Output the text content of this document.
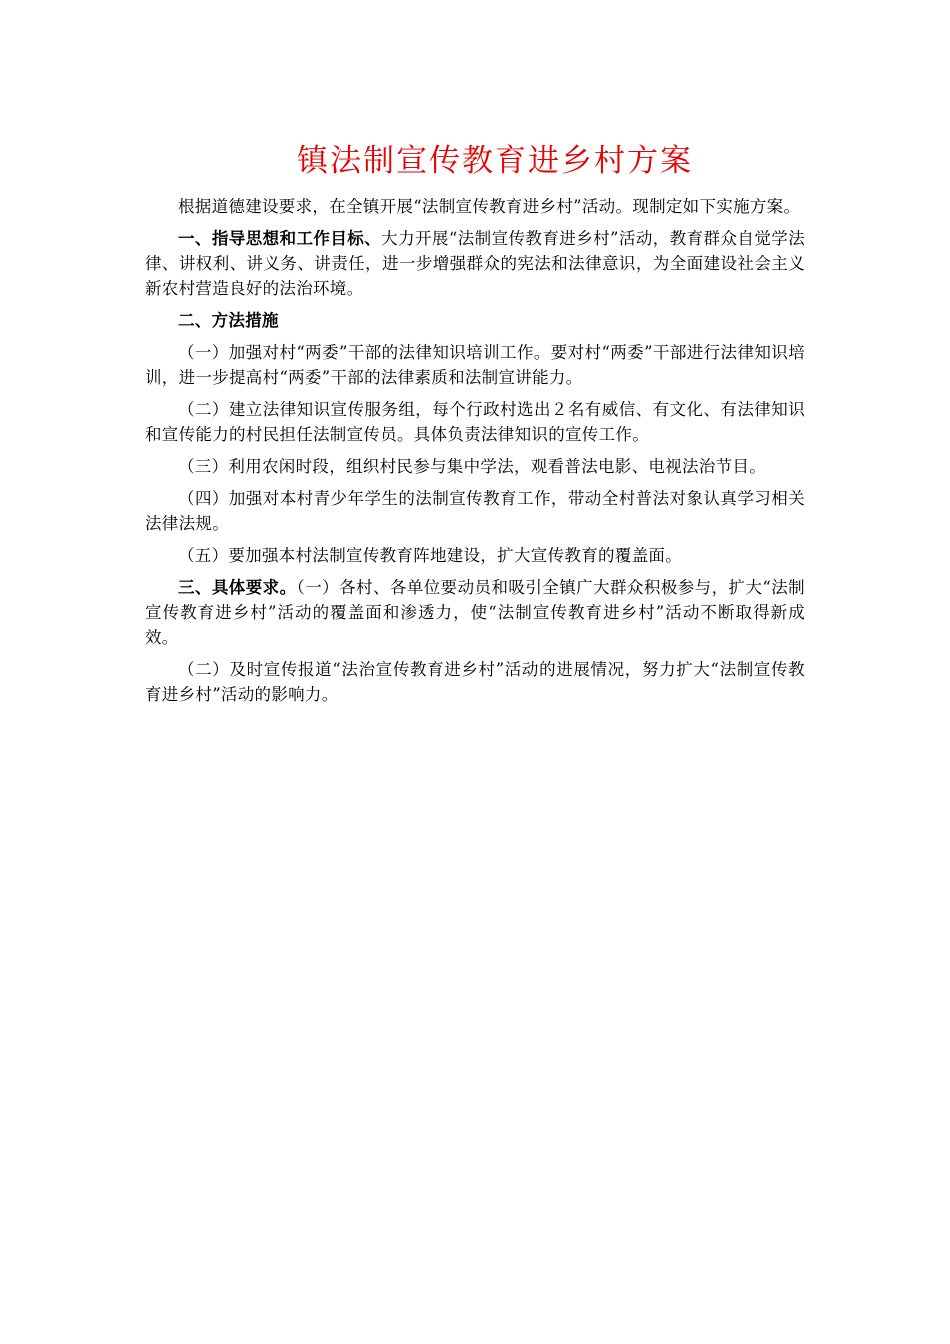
镇法制宣传教育进乡村方案

根据道德建设要求，在全镇开展“法制宣传教育进乡村”活动。现制定如下实施方案。

一、指导思想和工作目标、大力开展“法制宣传教育进乡村”活动，教育群众自觉学法律、讲权利、讲义务、讲责任，进一步增强群众的宪法和法律意识，为全面建设社会主义新农村营造良好的法治环境。

二、方法措施

（一）加强对村“两委”干部的法律知识培训工作。要对村“两委”干部进行法律知识培训，进一步提高村“两委”干部的法律素质和法制宣讲能力。

（二）建立法律知识宣传服务组，每个行政村选出２名有威信、有文化、有法律知识和宣传能力的村民担任法制宣传员。具体负责法律知识的宣传工作。

（三）利用农闲时段，组织村民参与集中学法，观看普法电影、电视法治节目。

（四）加强对本村青少年学生的法制宣传教育工作，带动全村普法对象认真学习相关法律法规。

（五）要加强本村法制宣传教育阵地建设，扩大宣传教育的覆盖面。

三、具体要求。（一）各村、各单位要动员和吸引全镇广大群众积极参与，扩大“法制宣传教育进乡村”活动的覆盖面和渗透力，使“法制宣传教育进乡村”活动不断取得新成效。

（二）及时宣传报道“法治宣传教育进乡村”活动的进展情况，努力扩大“法制宣传教育进乡村”活动的影响力。
